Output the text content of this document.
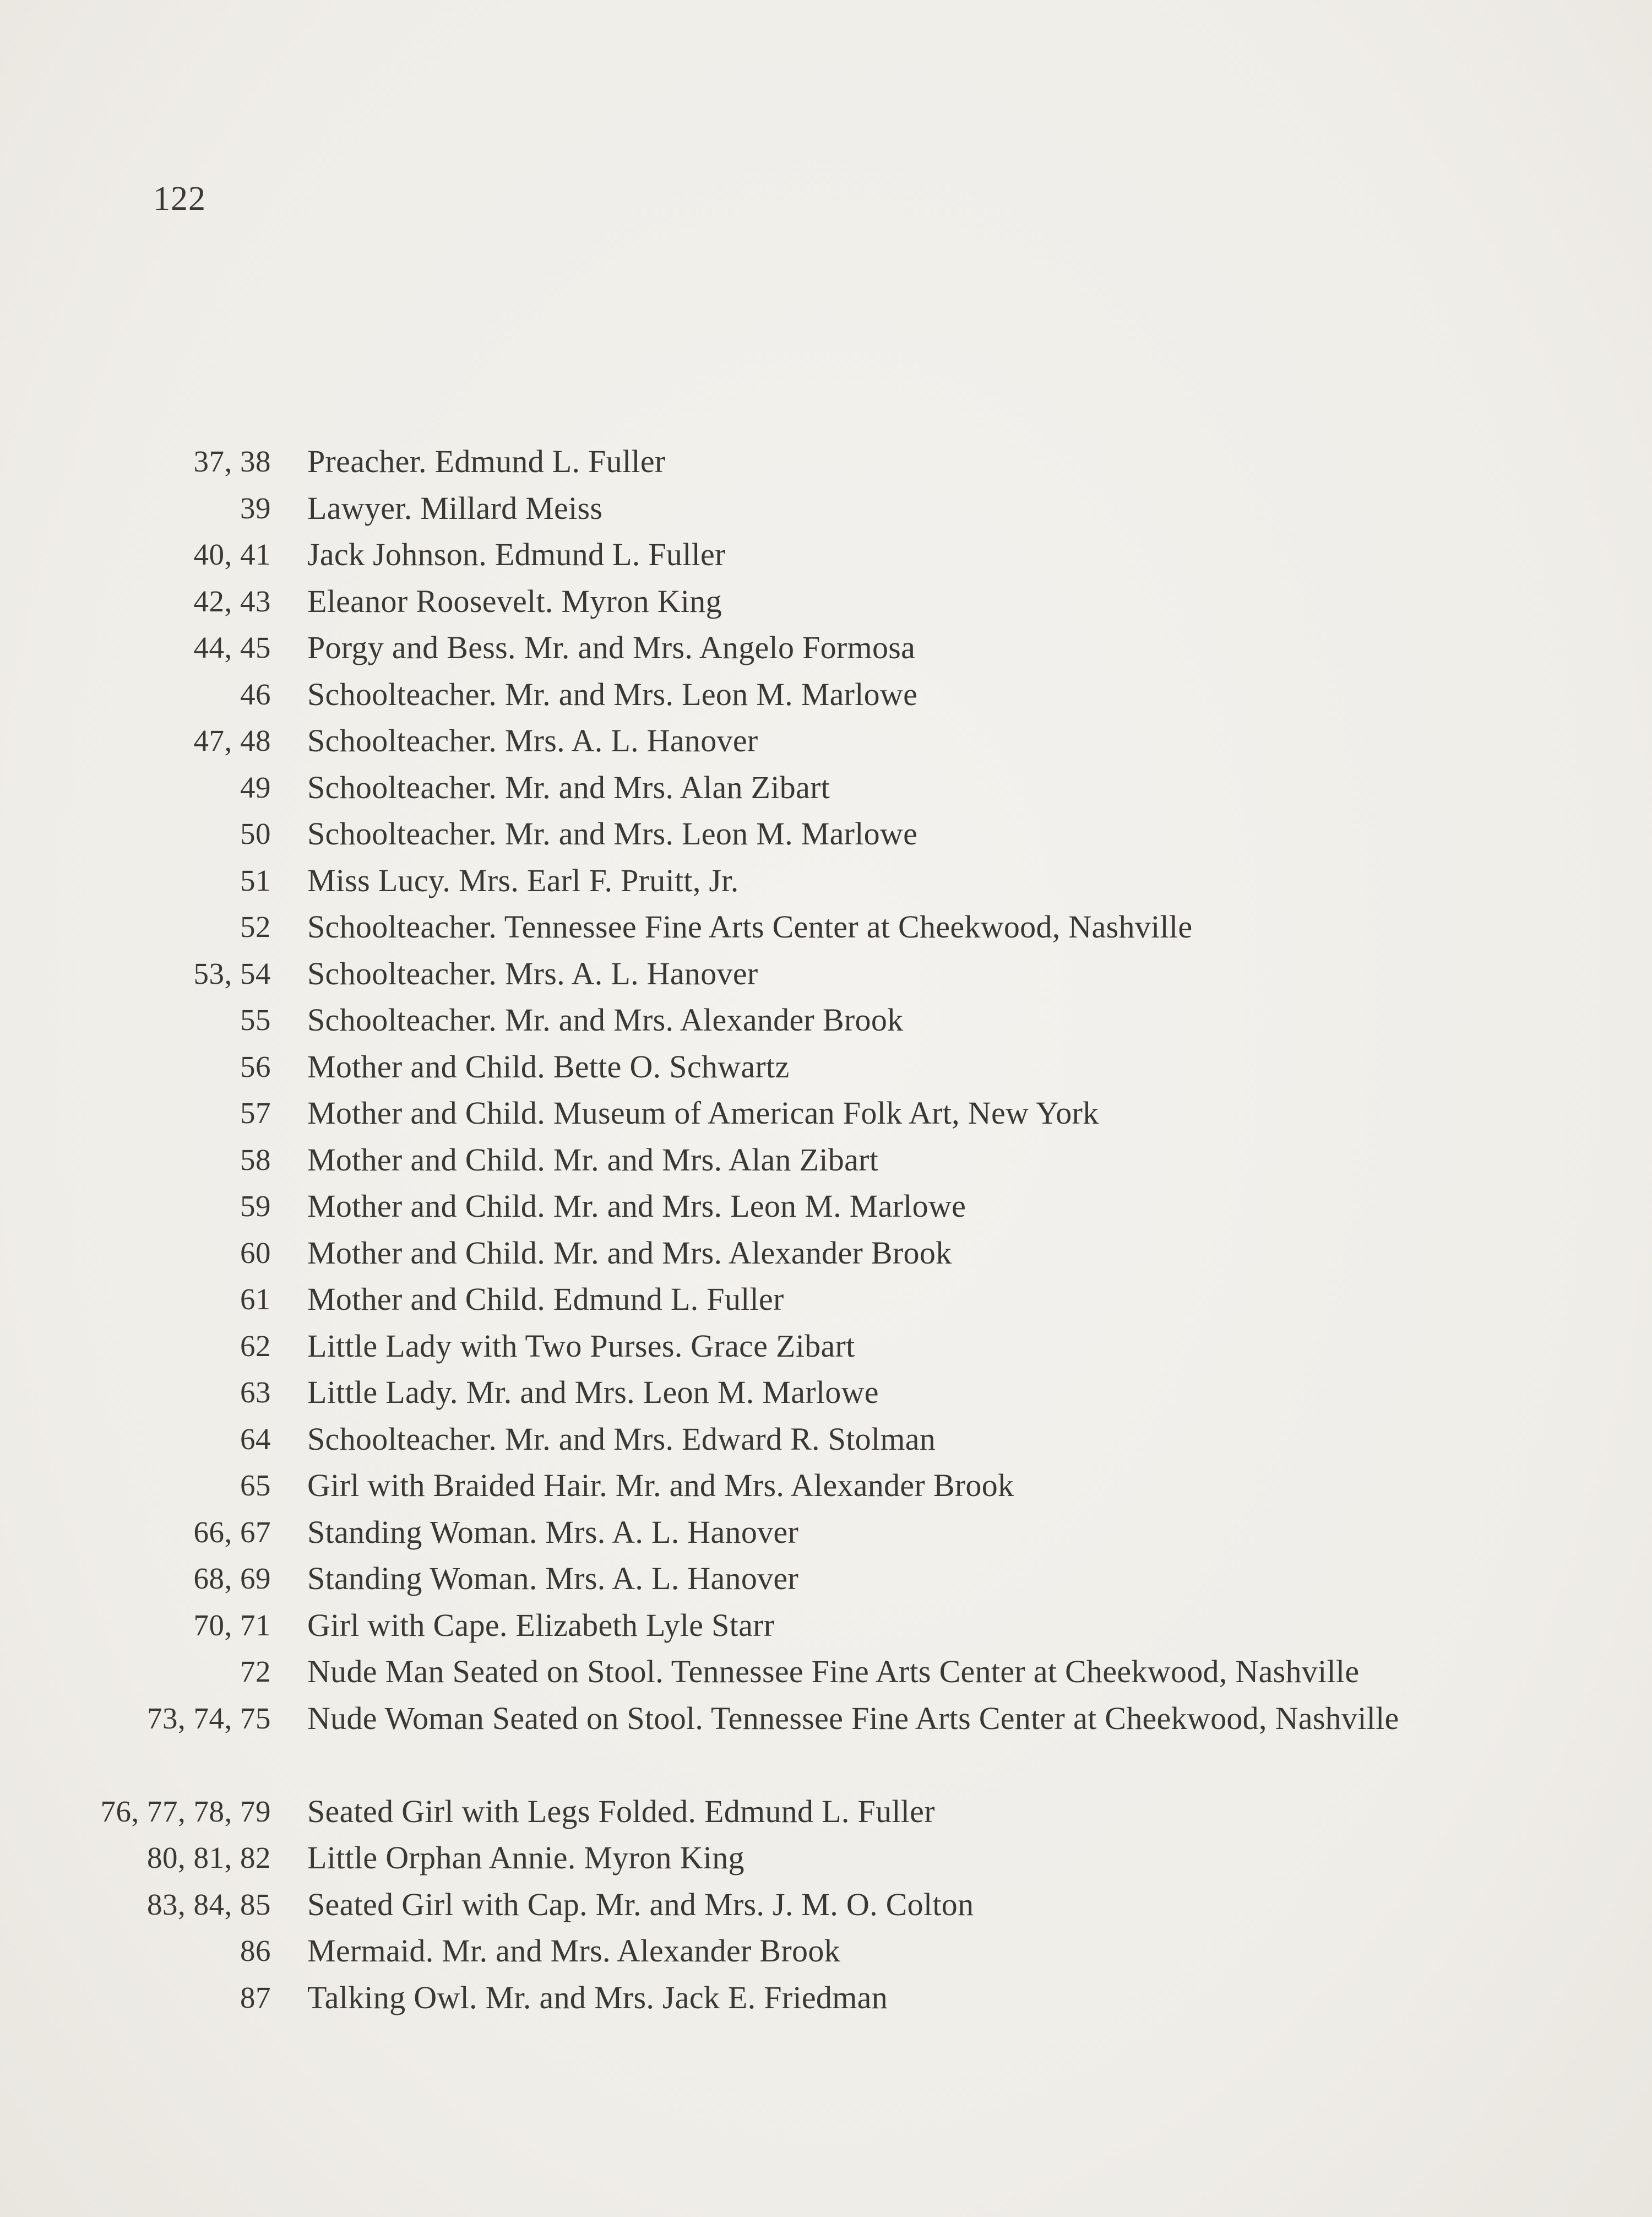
122
37, 38 Preacher. Edmund L. Fuller
39 Lawyer. Millard Meiss
40, 41 Jack Johnson. Edmund L. Fuller
42, 43 Eleanor Roosevelt. Myron King
44, 45 Porgy and Bess. Mr. and Mrs. Angelo Formosa
46 Schoolteacher. Mr. and Mrs. Leon M. Marlowe
47, 48 Schoolteacher. Mrs. A. L. Hanover
49 Schoolteacher. Mr. and Mrs. Alan Zibart
50 Schoolteacher. Mr. and Mrs. Leon M. Marlowe
51 Miss Lucy. Mrs. Earl F. Pruitt, Jr.
52 Schoolteacher. Tennessee Fine Arts Center at Cheekwood, Nashville
53, 54 Schoolteacher. Mrs. A. L. Hanover
55 Schoolteacher. Mr. and Mrs. Alexander Brook
56 Mother and Child. Bette O. Schwartz
57 Mother and Child. Museum of American Folk Art, New York
58 Mother and Child. Mr. and Mrs. Alan Zibart
59 Mother and Child. Mr. and Mrs. Leon M. Marlowe
60 Mother and Child. Mr. and Mrs. Alexander Brook
61 Mother and Child. Edmund L. Fuller
62 Little Lady with Two Purses. Grace Zibart
63 Little Lady. Mr. and Mrs. Leon M. Marlowe
64 Schoolteacher. Mr. and Mrs. Edward R. Stolman
65 Girl with Braided Hair. Mr. and Mrs. Alexander Brook
66, 67 Standing Woman. Mrs. A. L. Hanover
68, 69 Standing Woman. Mrs. A. L. Hanover
70, 71 Girl with Cape. Elizabeth Lyle Starr
72 Nude Man Seated on Stool. Tennessee Fine Arts Center at Cheekwood, Nashville
73, 74, 75 Nude Woman Seated on Stool. Tennessee Fine Arts Center at Cheekwood, Nashville
76, 77, 78, 79 Seated Girl with Legs Folded. Edmund L. Fuller
80, 81, 82 Little Orphan Annie. Myron King
83, 84, 85 Seated Girl with Cap. Mr. and Mrs. J. M. O. Colton
86 Mermaid. Mr. and Mrs. Alexander Brook
87 Talking Owl. Mr. and Mrs. Jack E. Friedman
